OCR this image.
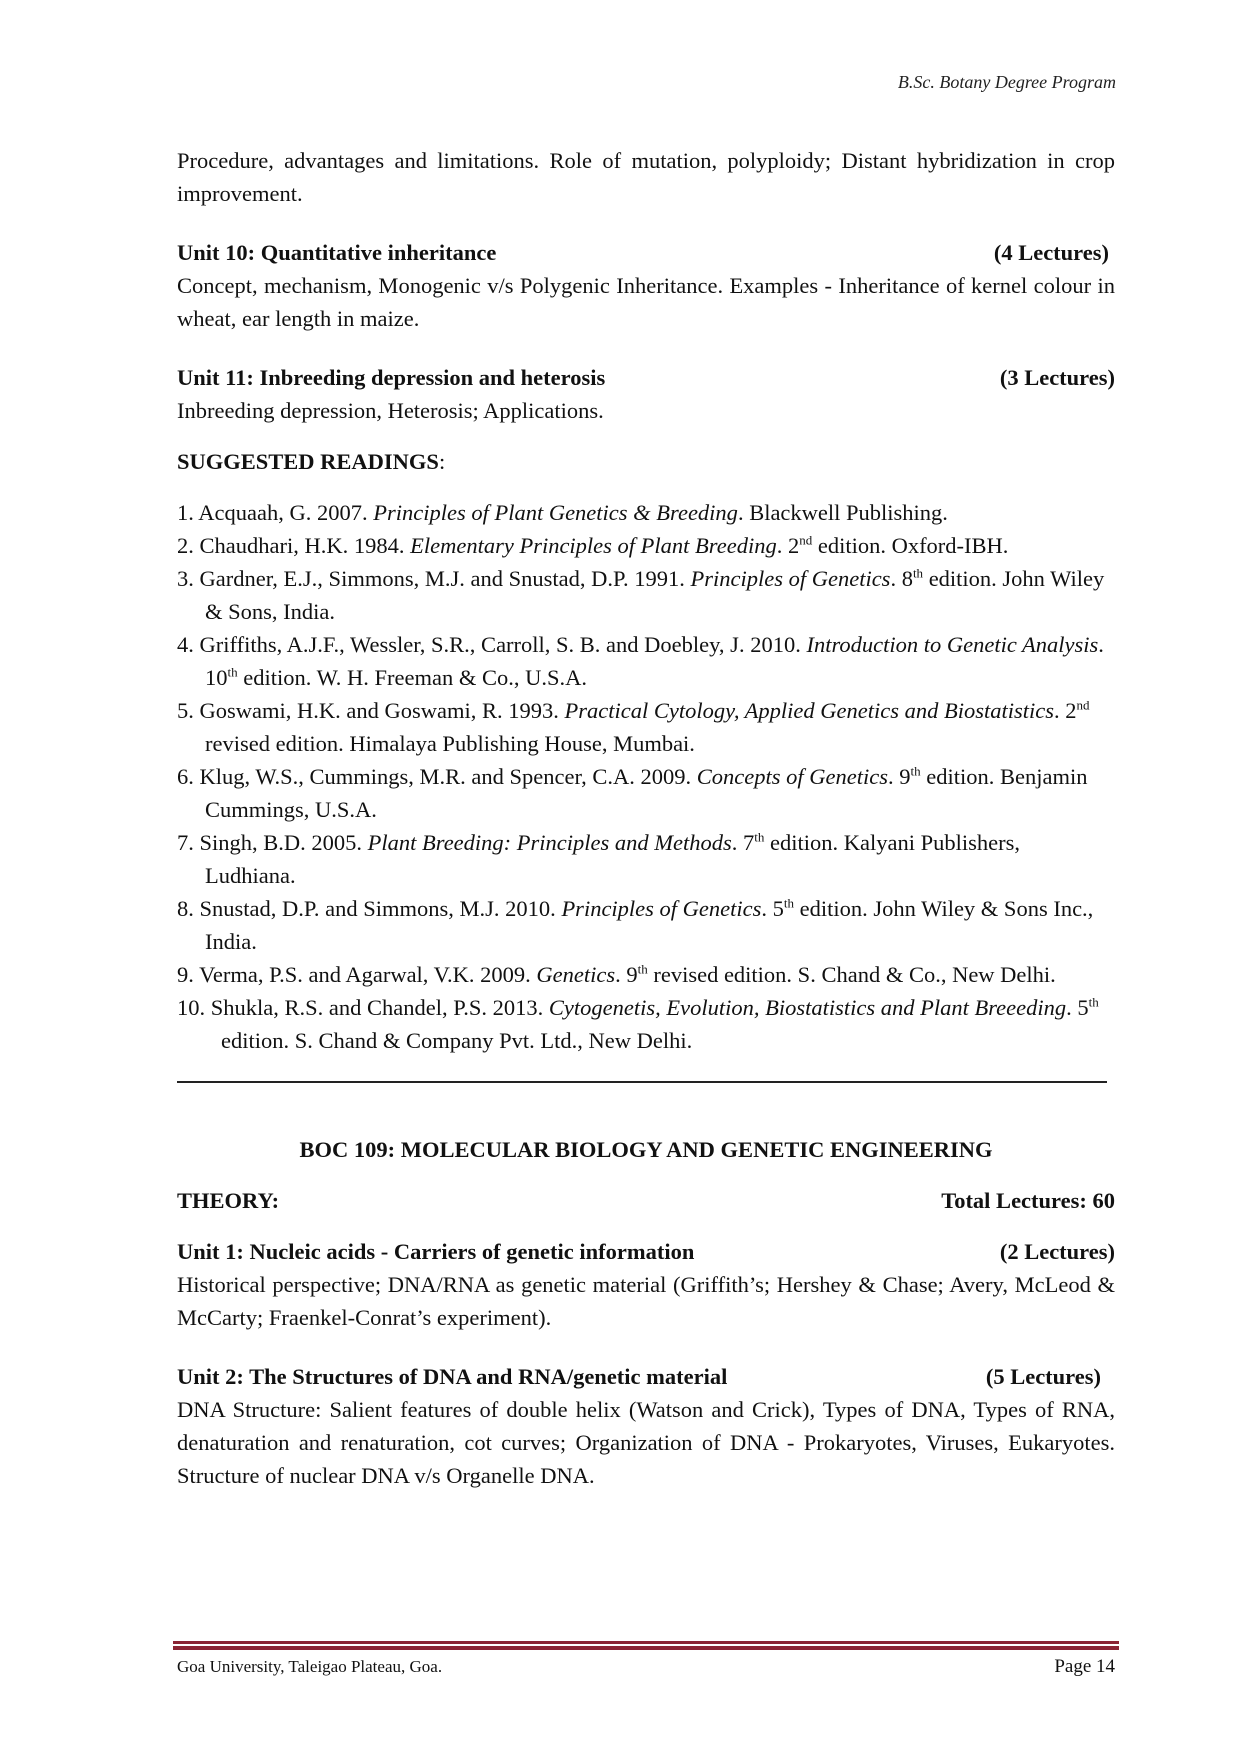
B.Sc. Botany Degree Program

Procedure, advantages and limitations. Role of mutation, polyploidy; Distant hybridization in crop improvement.

Unit 10: Quantitative inheritance	(4 Lectures)

Concept, mechanism, Monogenic v/s Polygenic Inheritance. Examples - Inheritance of kernel colour in wheat, ear length in maize.

Unit 11: Inbreeding depression and heterosis	(3 Lectures)

Inbreeding depression, Heterosis; Applications.

SUGGESTED READINGS:

1. Acquaah, G. 2007. Principles of Plant Genetics & Breeding. Blackwell Publishing.
2. Chaudhari, H.K. 1984. Elementary Principles of Plant Breeding. 2nd edition. Oxford-IBH.
3. Gardner, E.J., Simmons, M.J. and Snustad, D.P. 1991. Principles of Genetics. 8th edition. John Wiley & Sons, India.
4. Griffiths, A.J.F., Wessler, S.R., Carroll, S. B. and Doebley, J. 2010. Introduction to Genetic Analysis. 10th edition. W. H. Freeman & Co., U.S.A.
5. Goswami, H.K. and Goswami, R. 1993. Practical Cytology, Applied Genetics and Biostatistics. 2nd revised edition. Himalaya Publishing House, Mumbai.
6. Klug, W.S., Cummings, M.R. and Spencer, C.A. 2009. Concepts of Genetics. 9th edition. Benjamin Cummings, U.S.A.
7. Singh, B.D. 2005. Plant Breeding: Principles and Methods. 7th edition. Kalyani Publishers, Ludhiana.
8. Snustad, D.P. and Simmons, M.J. 2010. Principles of Genetics. 5th edition. John Wiley & Sons Inc., India.
9. Verma, P.S. and Agarwal, V.K. 2009. Genetics. 9th revised edition. S. Chand & Co., New Delhi.
10. Shukla, R.S. and Chandel, P.S. 2013. Cytogenetis, Evolution, Biostatistics and Plant Breeeding. 5th edition. S. Chand & Company Pvt. Ltd., New Delhi.

BOC 109: MOLECULAR BIOLOGY AND GENETIC ENGINEERING

THEORY:	Total Lectures: 60
Unit 1: Nucleic acids - Carriers of genetic information	(2 Lectures)

Historical perspective; DNA/RNA as genetic material (Griffith’s; Hershey & Chase; Avery, McLeod & McCarty; Fraenkel-Conrat’s experiment).

Unit 2: The Structures of DNA and RNA/genetic material	(5 Lectures)

DNA Structure: Salient features of double helix (Watson and Crick), Types of DNA, Types of RNA, denaturation and renaturation, cot curves; Organization of DNA - Prokaryotes, Viruses, Eukaryotes. Structure of nuclear DNA v/s Organelle DNA.

Goa University, Taleigao Plateau, Goa.	Page 14
